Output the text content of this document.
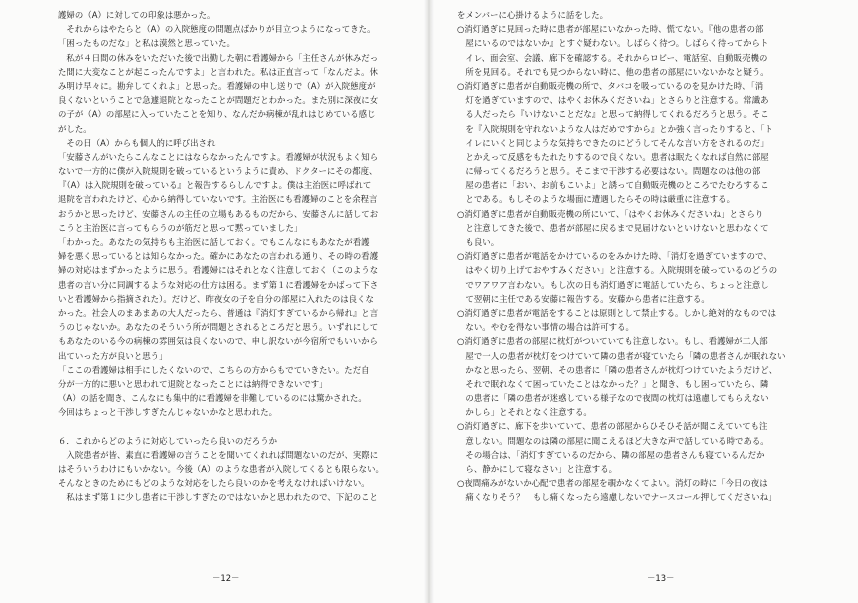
護婦の（A）に対しての印象は悪かった。
　それからはやたらと（A）の入院態度の問題点ばかりが目立つようになってきた。
「困ったものだな」と私は漠然と思っていた。
　私が４日間の休みをいただいた後で出勤した朝に看護婦から「主任さんが休みだっ
た間に大変なことが起こったんですよ」と言われた。私は正直言って「なんだよ。休
み明け早々に。勘弁してくれよ」と思った。看護婦の申し送りで（A）が入院態度が
良くないということで急遽退院となったことが問題だとわかった。また別に深夜に女
の子が（A）の部屋に入っていたことを知り、なんだか病棟が乱れはじめている感じ
がした。
　その日（A）からも個人的に呼び出され
「安藤さんがいたらこんなことにはならなかったんですよ。看護婦が状況もよく知ら
ないで一方的に僕が入院規則を破っているというように責め、ドクターにその都度、
『（A）は入院規則を破っている』と報告するらしんですよ。僕は主治医に呼ばれて
退院を言われたけど、心から納得していないです。主治医にも看護婦のことを余程言
おうかと思ったけど、安藤さんの主任の立場もあるものだから、安藤さんに話してお
こうと主治医に言ってもらうのが筋だと思って黙っていました」
「わかった。あなたの気持ちも主治医に話しておく。でもこんなにもあなたが看護
婦を悪く思っているとは知らなかった。確かにあなたの言われる通り、その時の看護
婦の対応はまずかったように思う。看護婦にはそれとなく注意しておく（このような
患者の言い分に同調するような対応の仕方は困る。まず第１に看護婦をかばって下さ
いと看護婦から指摘された）。だけど、昨夜女の子を自分の部屋に入れたのは良くな
かった。社会人のまあまあの大人だったら、普通は『消灯すぎているから帰れ』と言
うのじゃないか。あなたのそういう所が問題とされるところだと思う。いずれにして
もあなたのいる今の病棟の雰囲気は良くないので、申し訳ないが今宿所でもいいから
出ていった方が良いと思う」
「ここの看護婦は相手にしたくないので、こちらの方からもでていきたい。ただ自
分が一方的に悪いと思われて退院となったことには納得できないです」
（A）の話を聞き、こんなにも集中的に看護婦を非難しているのには驚かされた。
今回はちょっと干渉しすぎたんじゃないかなと思われた。
６．これからどのように対応していったら良いのだろうか
　入院患者が皆、素直に看護婦の言うことを聞いてくれれば問題ないのだが、実際に
はそういうわけにもいかない。今後（A）のような患者が入院してくるとも限らない。
そんなときのためにもどのような対応をしたら良いのかを考えなければいけない。
　私はまず第１に少し患者に干渉しすぎたのではないかと思われたので、下記のこと
－12－
をメンバーに心掛けるように話をした。
○消灯過ぎに見回った時に患者が部屋にいなかった時、慌てない。『他の患者の部
　屋にいるのではないか』とすぐ疑わない。しばらく待つ。しばらく待ってからト
　イレ、面会室、会議、廊下を確認する。それからロビー、電話室、自動販売機の
　所を見回る。それでも見つからない時に、他の患者の部屋にいないかなと疑う。
○消灯過ぎに患者が自動販売機の所で、タバコを吸っているのを見かけた時、「消
　灯を過ぎていますので、はやくお休みくださいね」とさらりと注意する。常識あ
　る人だったら『いけないことだな』と思って納得してくれるだろうと思う。そこ
　を『入院規則を守れないような人はだめですから』とか強く言ったりすると、「ト
　イレにいくと同じような気持ちできたのにどうしてそんな言い方をされるのだ」
　とかえって反感をもたれたりするので良くない。患者は眠たくなれば自然に部屋
　に帰ってくるだろうと思う。そこまで干渉する必要はない。問題なのは他の部
　屋の患者に「おい、お前もこいよ」と誘って自動販売機のところでたむろするこ
　とである。もしそのような場面に遭遇したらその時は厳重に注意する。
○消灯過ぎに患者が自動販売機の所にいて、「はやくお休みくださいね」とさらり
　と注意してきた後で、患者が部屋に戻るまで見届けないといけないと思わなくて
　も良い。
○消灯過ぎに患者が電話をかけているのをみかけた時、「消灯を過ぎていますので、
　はやく切り上げておやすみください」と注意する。入院規則を破っているのどうの
　でワアワア言わない。もし次の日も消灯過ぎに電話していたら、ちょっと注意し
　て翌朝に主任である安藤に報告する。安藤から患者に注意する。
○消灯過ぎに患者が電話をすることは原則として禁止する。しかし絶対的なものでは
　ない。やむを得ない事情の場合は許可する。
○消灯過ぎに患者の部屋に枕灯がついていても注意しない。もし、看護婦が二人部
　屋で一人の患者が枕灯をつけていて隣の患者が寝ていたら「隣の患者さんが眠れない
　かなと思ったら、翌朝、その患者に「隣の患者さんが枕灯つけていたようだけど、
　それで眠れなくて困っていたことはなかった？」と聞き、もし困っていたら、隣
　の患者に「隣の患者が迷惑している様子なので夜間の枕灯は遠慮してもらえない
　かしら」とそれとなく注意する。
○消灯過ぎに、廊下を歩いていて、患者の部屋からひそひそ話が聞こえていても注
　意しない。問題なのは隣の部屋に聞こえるほど大きな声で話している時である。
　その場合は、「消灯すぎているのだから、隣の部屋の患者さんも寝ているんだか
　ら、静かにして寝なさい」と注意する。
○夜間痛みがないか心配で患者の部屋を覗かなくてよい。消灯の時に「今日の夜は
　痛くなりそう？　もし痛くなったら遠慮しないでナースコール押してくださいね」
－13－
